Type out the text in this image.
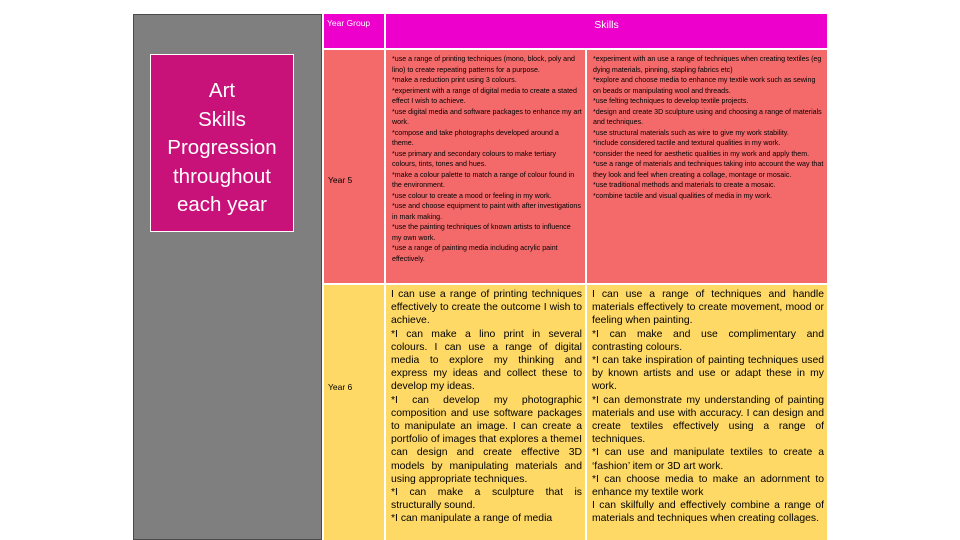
Art
Skills
Progression
throughout
each year
Year Group	Skills
Year 5

*use a range of printing techniques (mono, block, poly and lino) to create repeating patterns for a purpose.
*make a reduction print using 3 colours.
*experiment with a range of digital media to create a stated effect I wish to achieve.
*use digital media and software packages to enhance my art work.
*compose and take photographs developed around a theme.
*use primary and secondary colours to make tertiary colours, tints, tones and hues.
*make a colour palette to match a range of colour found in the environment.
*use colour to create a mood or feeling in my work.
*use and choose equipment to paint with after investigations in mark making.
*use the painting techniques of known artists to influence my own work.
*use a range of painting media including acrylic paint effectively.

*experiment with an use a range of techniques when creating textiles (eg dying materials, pinning, stapling fabrics etc)
*explore and choose media to enhance my textile work such as sewing on beads or manipulating wool and threads.
*use felting techniques to develop textile projects.
*design and create 3D sculpture using and choosing a range of materials and techniques.
*use structural materials such as wire to give my work stability.
*include considered tactile and textural qualities in my work.
*consider the need for aesthetic qualities in my work and apply them.
*use a range of materials and techniques taking into account the way that they look and feel when creating a collage, montage or mosaic.
*use traditional methods and materials to create a mosaic.
*combine tactile and visual qualities of media in my work.

Year 6

I can use a range of printing techniques effectively to create the outcome I wish to achieve.
*I can make a lino print in several colours. I can use a range of digital media to explore my thinking and express my ideas and collect these to develop my ideas.
*I can develop my photographic composition and use software packages to manipulate an image. I can create a portfolio of images that explores a themeI can design and create effective 3D models by manipulating materials and using appropriate techniques.
*I can make a sculpture that is structurally sound.
*I can manipulate a range of media

I can use a range of techniques and handle materials effectively to create movement, mood or feeling when painting.
*I can make and use complimentary and contrasting colours.
*I can take inspiration of painting techniques used by known artists and use or adapt these in my work.
*I can demonstrate my understanding of painting materials and use with accuracy. I can design and create textiles effectively using a range of techniques.
*I can use and manipulate textiles to create a ‘fashion’ item or 3D art work.
*I can choose media to make an adornment to enhance my textile work
I can skilfully and effectively combine a range of materials and techniques when creating collages.
